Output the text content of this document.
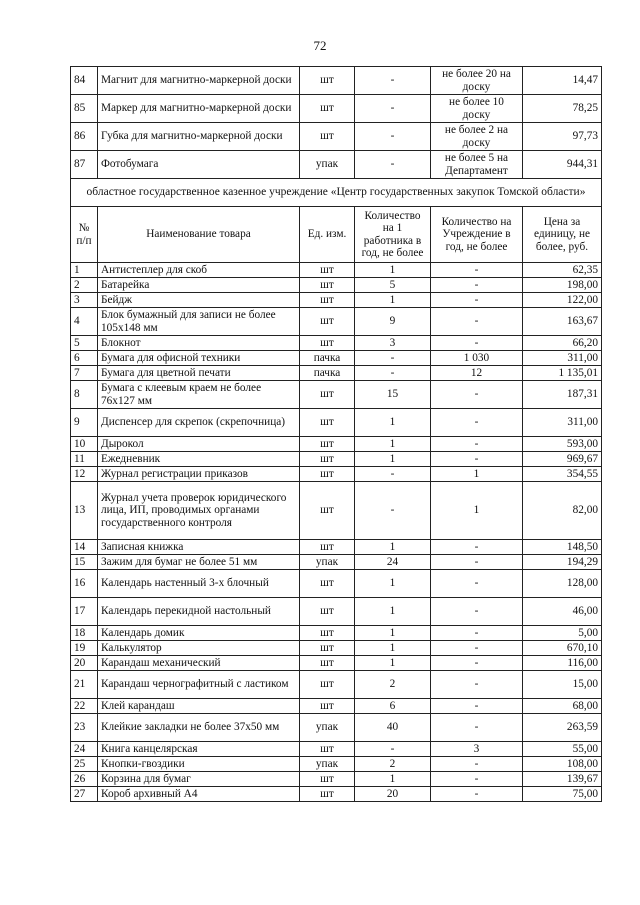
72
84	Магнит для магнитно-маркерной доски	шт	-	не более 20 на доску	14,47
85	Маркер для магнитно-маркерной доски	шт	-	не более 10 доску	78,25
86	Губка для магнитно-маркерной доски	шт	-	не более 2 на доску	97,73
87	Фотобумага	упак	-	не более 5 на Департамент	944,31
областное государственное казенное учреждение «Центр государственных закупок Томской области»					
№ п/п	Наименование товара	Ед. изм.	Количество на 1 работника в год, не более	Количество на Учреждение в год, не более	Цена за единицу, не более, руб.
1	Антистеплер для скоб	шт	1	-	62,35
2	Батарейка	шт	5	-	198,00
3	Бейдж	шт	1	-	122,00
4	Блок бумажный для записи не более 105x148 мм	шт	9	-	163,67
5	Блокнот	шт	3	-	66,20
6	Бумага для офисной техники	пачка	-	1 030	311,00
7	Бумага для цветной печати	пачка	-	12	1 135,01
8	Бумага с клеевым краем не более 76х127 мм	шт	15	-	187,31
9	Диспенсер для скрепок (скрепочница)	шт	1	-	311,00
10	Дырокол	шт	1	-	593,00
11	Ежедневник	шт	1	-	969,67
12	Журнал регистрации приказов	шт	-	1	354,55
13	Журнал учета проверок юридического лица, ИП, проводимых органами государственного контроля	шт	-	1	82,00
14	Записная книжка	шт	1	-	148,50
15	Зажим для бумаг не более 51 мм	упак	24	-	194,29
16	Календарь настенный 3-х блочный	шт	1	-	128,00
17	Календарь перекидной настольный	шт	1	-	46,00
18	Календарь домик	шт	1	-	5,00
19	Калькулятор	шт	1	-	670,10
20	Карандаш механический	шт	1	-	116,00
21	Карандаш чернографитный с ластиком	шт	2	-	15,00
22	Клей карандаш	шт	6	-	68,00
23	Клейкие закладки не более 37х50 мм	упак	40	-	263,59
24	Книга канцелярская	шт	-	3	55,00
25	Кнопки-гвоздики	упак	2	-	108,00
26	Корзина для бумаг	шт	1	-	139,67
27	Короб архивный А4	шт	20	-	75,00
